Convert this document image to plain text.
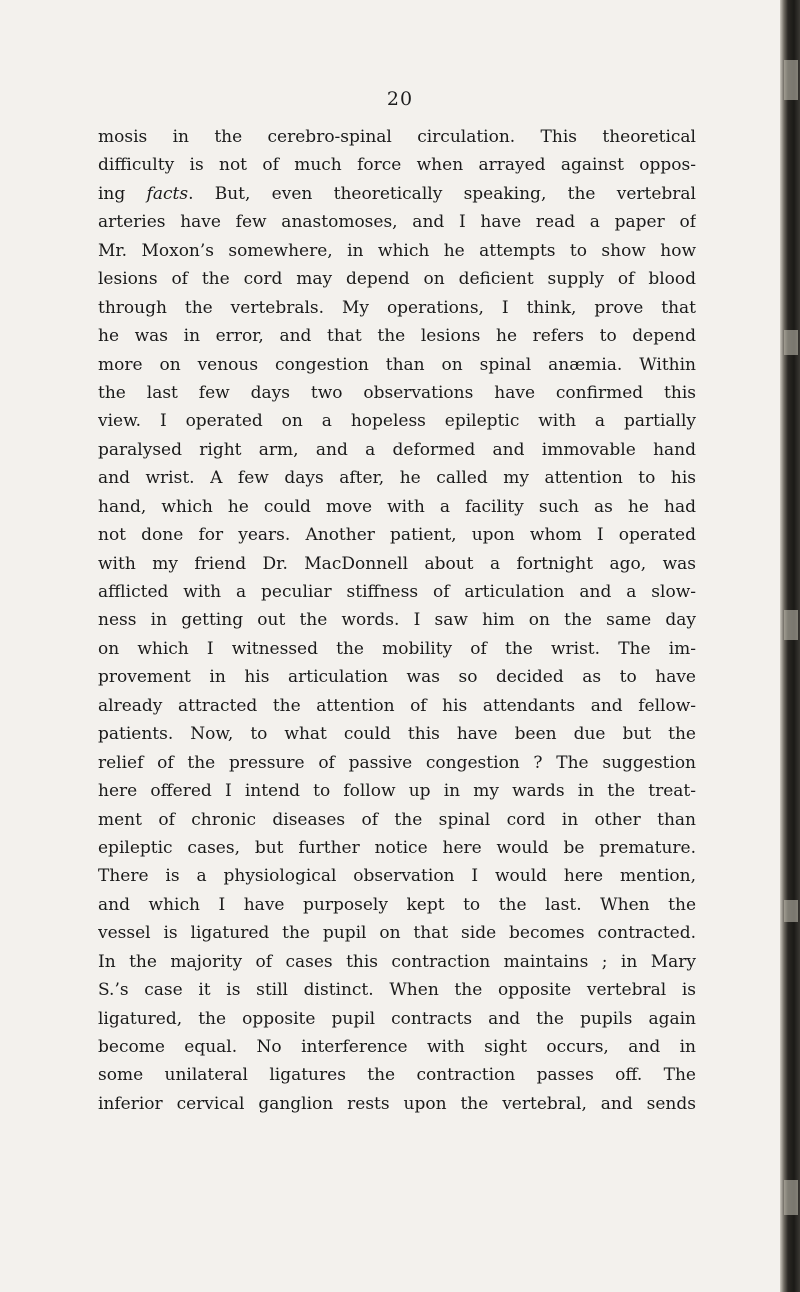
20
mosis in the cerebro-spinal circulation. This theoretical
difficulty is not of much force when arrayed against oppos-
ing facts. But, even theoretically speaking, the vertebral
arteries have few anastomoses, and I have read a paper of
Mr. Moxon’s somewhere, in which he attempts to show how
lesions of the cord may depend on deficient supply of blood
through the vertebrals. My operations, I think, prove that
he was in error, and that the lesions he refers to depend
more on venous congestion than on spinal anæmia. Within
the last few days two observations have confirmed this
view. I operated on a hopeless epileptic with a partially
paralysed right arm, and a deformed and immovable hand
and wrist. A few days after, he called my attention to his
hand, which he could move with a facility such as he had
not done for years. Another patient, upon whom I operated
with my friend Dr. MacDonnell about a fortnight ago, was
afflicted with a peculiar stiffness of articulation and a slow-
ness in getting out the words. I saw him on the same day
on which I witnessed the mobility of the wrist. The im-
provement in his articulation was so decided as to have
already attracted the attention of his attendants and fellow-
patients. Now, to what could this have been due but the
relief of the pressure of passive congestion ? The suggestion
here offered I intend to follow up in my wards in the treat-
ment of chronic diseases of the spinal cord in other than
epileptic cases, but further notice here would be premature.
There is a physiological observation I would here mention,
and which I have purposely kept to the last. When the
vessel is ligatured the pupil on that side becomes contracted.
In the majority of cases this contraction maintains ; in Mary
S.’s case it is still distinct. When the opposite vertebral is
ligatured, the opposite pupil contracts and the pupils again
become equal. No interference with sight occurs, and in
some unilateral ligatures the contraction passes off. The
inferior cervical ganglion rests upon the vertebral, and sends
